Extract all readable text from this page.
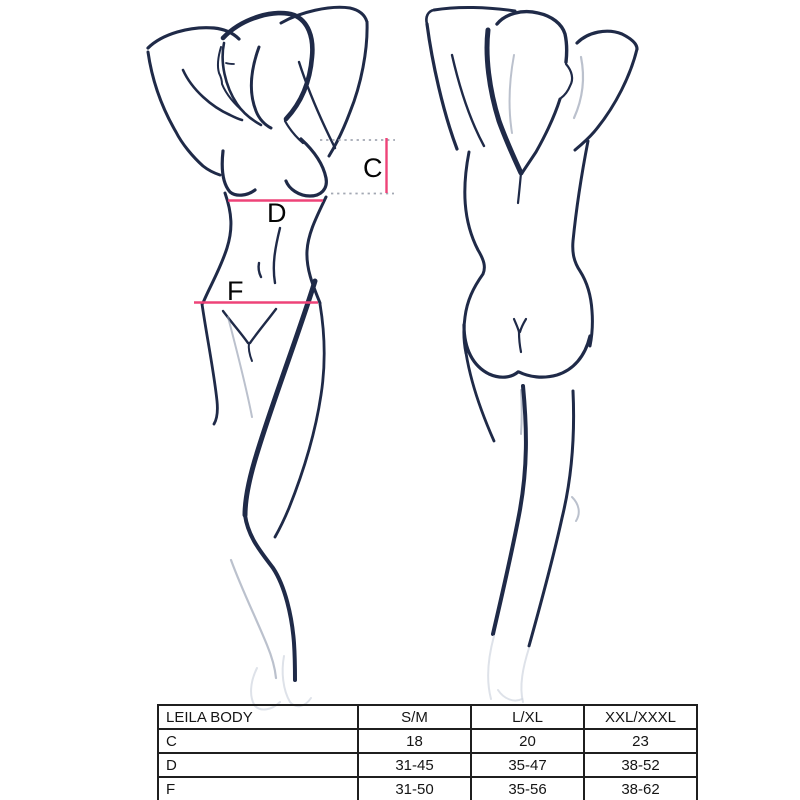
C
D
F
LEILA BODY	S/M	L/XL	XXL/XXXL
C	18	20	23
D	31-45	35-47	38-52
F	31-50	35-56	38-62
